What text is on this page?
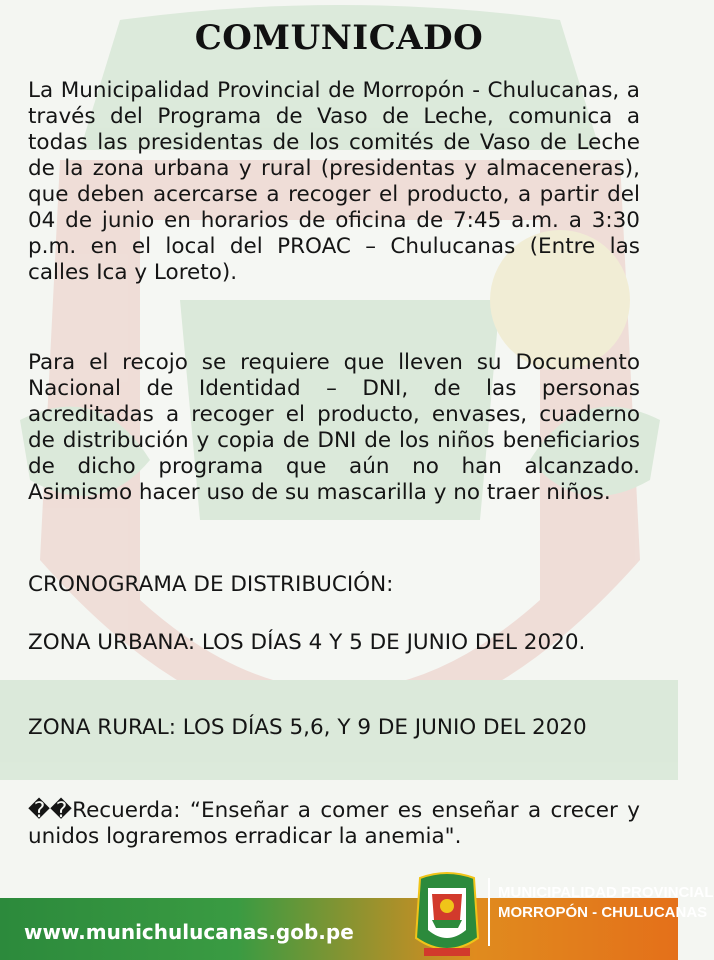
COMUNICADO
La Municipalidad Provincial de Morropón - Chulucanas, a través del Programa de Vaso de Leche, comunica a todas las presidentas de los comités de Vaso de Leche de la zona urbana y rural (presidentas y almaceneras), que deben acercarse a recoger el producto, a partir del 04 de junio en horarios de oficina de 7:45 a.m. a 3:30 p.m. en el local del PROAC – Chulucanas (Entre las calles Ica y Loreto).
Para el recojo se requiere que lleven su Documento Nacional de Identidad – DNI, de las personas acreditadas a recoger el producto, envases, cuaderno de distribución y copia de DNI de los niños beneficiarios de dicho programa que aún no han alcanzado. Asimismo hacer uso de su mascarilla y no traer niños.
CRONOGRAMA DE DISTRIBUCIÓN:
ZONA URBANA: LOS DÍAS 4 Y 5 DE JUNIO DEL 2020.
ZONA RURAL: LOS DÍAS 5,6, Y 9 DE JUNIO DEL 2020
��Recuerda: “Enseñar a comer es enseñar a crecer y unidos lograremos erradicar la anemia".
www.munichulucanas.gob.pe
MUNICIPALIDAD PROVINCIAL
MORROPÓN - CHULUCANAS
